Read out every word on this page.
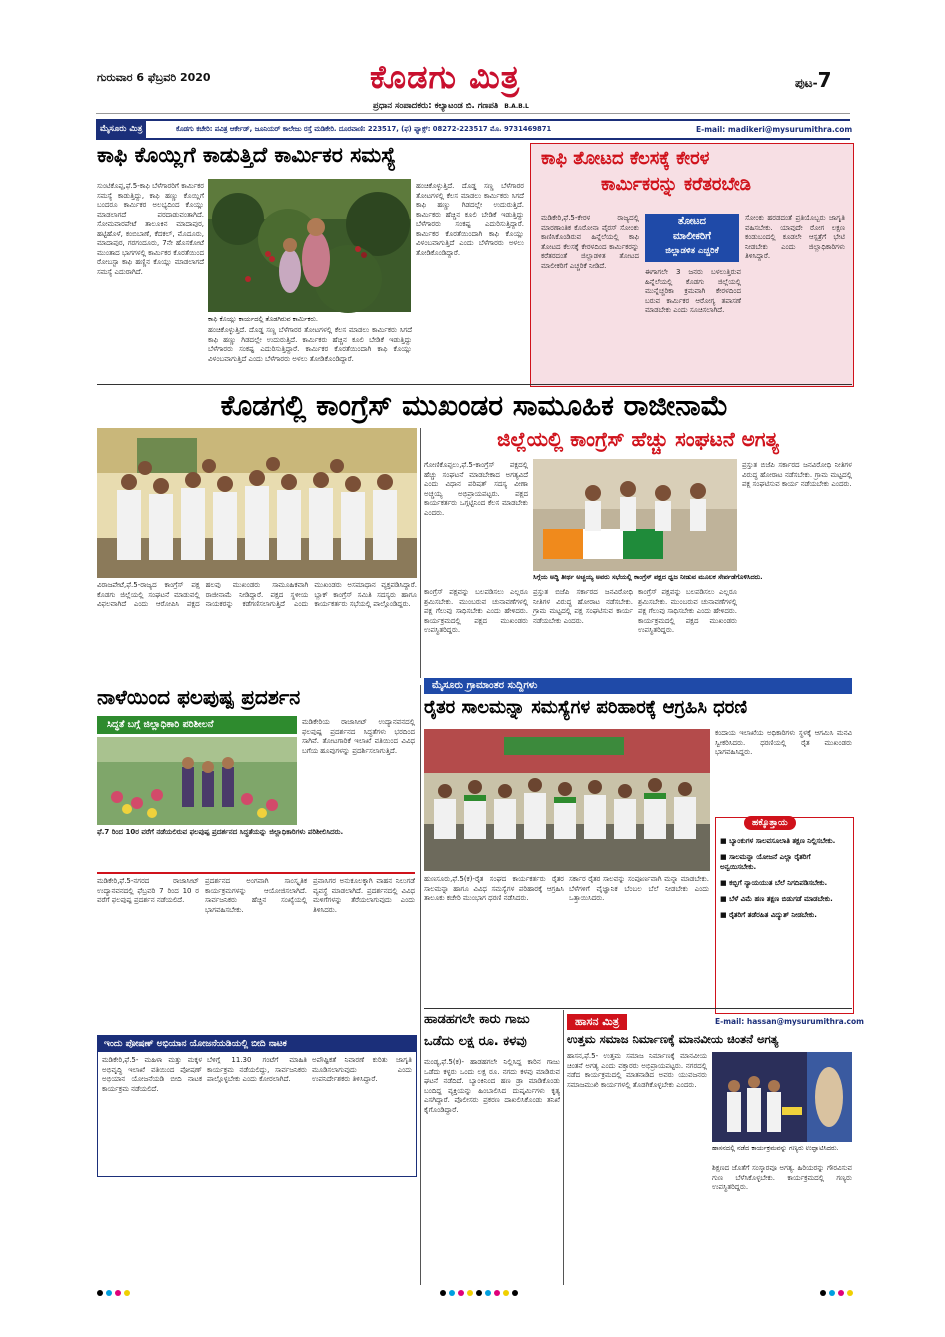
ಗುರುವಾರ 6 ಫೆಬ್ರವರಿ 2020	ಕೊಡಗು ಮಿತ್ರ
ಪ್ರಧಾನ ಸಂಪಾದಕರು: ಕಲ್ಯಾಟಂಡ ಬಿ. ಗಣಪತಿ B.A.B.L
ಪುಟ-7
ಮೈಸೂರು ಮಿತ್ರ	ಕೊಡಗು ಕಚೇರಿ: ಪವಿತ್ರ ಆರ್ಕೇಡ್, ಜೂನಿಯರ್ ಕಾಲೇಜು ರಸ್ತೆ ಮಡಿಕೇರಿ. ದೂರವಾಣಿ: 223517, (ಫ) ಫ್ಯಾಕ್ಸ್: 08272-223517 ಮೊ. 9731469871	E-mail: madikeri@mysurumithra.com
ಕಾಫಿ ಕೊಯ್ಲಿಗೆ ಕಾಡುತ್ತಿದೆ ಕಾರ್ಮಿಕರ ಸಮಸ್ಯೆ
ಸುಂಟಿಕೊಪ್ಪ,ಫೆ.5-ಕಾಫಿ ಬೆಳೆಗಾರರಿಗೆ ಕಾರ್ಮಿಕರ ಸಮಸ್ಯೆ ಕಾಡುತ್ತಿದ್ದು, ಕಾಫಿ ಹಣ್ಣು ಕೊಯ್ಲಿಗೆ ಬಂದರೂ ಕಾರ್ಮಿಕರ ಅಲಭ್ಯದಿಂದ ಕೊಯ್ಲು ಮಾಡಲಾಗದೆ ಪರದಾಡುವಂತಾಗಿದೆ. ಸೋಮವಾರಪೇಟೆ ತಾಲೂಕಿನ ಮಾದಾಪುರ, ಹಟ್ಟಿಹೊಳೆ, ಕಂಬಿಬಾಣೆ, ಕೆದಕಲ್, ಮೊದೂರು, ಮಾದಾಪುರ, ಗರಗಂದೂರು, 7ನೇ ಹೊಸಕೋಟೆ ಮುಂತಾದ ಭಾಗಗಳಲ್ಲಿ ಕಾರ್ಮಿಕರ ಕೊರತೆಯಿಂದ ರೋಬಸ್ಟಾ ಕಾಫಿ ಹಣ್ಣಿನ ಕೊಯ್ಲು ಮಾಡಲಾಗದೆ ಸಮಸ್ಯೆ ಎದುರಾಗಿದೆ.
ಕಾಫಿ ಕೊಯ್ಲು ಕಾರ್ಯದಲ್ಲಿ ತೊಡಗಿರುವ ಕಾರ್ಮಿಕರು.
ಹಂಚಿಕೊಳ್ಳುತ್ತಿದೆ. ದೊಡ್ಡ ಸಣ್ಣ ಬೆಳೆಗಾರರ ತೋಟಗಳಲ್ಲಿ ಕೆಲಸ ಮಾಡಲು ಕಾರ್ಮಿಕರು ಸಿಗದೆ ಕಾಫಿ ಹಣ್ಣು ಗಿಡದಲ್ಲೇ ಉದುರುತ್ತಿದೆ. ಕಾರ್ಮಿಕರು ಹೆಚ್ಚಿನ ಕೂಲಿ ಬೇಡಿಕೆ ಇಡುತ್ತಿದ್ದು ಬೆಳೆಗಾರರು ಸಂಕಷ್ಟ ಎದುರಿಸುತ್ತಿದ್ದಾರೆ. ಕಾರ್ಮಿಕರ ಕೊರತೆಯಿಂದಾಗಿ ಕಾಫಿ ಕೊಯ್ಲು ವಿಳಂಬವಾಗುತ್ತಿದೆ ಎಂದು ಬೆಳೆಗಾರರು ಅಳಲು ತೋಡಿಕೊಂಡಿದ್ದಾರೆ.
ಹಂಚಿಕೊಳ್ಳುತ್ತಿದೆ. ದೊಡ್ಡ ಸಣ್ಣ ಬೆಳೆಗಾರರ ತೋಟಗಳಲ್ಲಿ ಕೆಲಸ ಮಾಡಲು ಕಾರ್ಮಿಕರು ಸಿಗದೆ ಕಾಫಿ ಹಣ್ಣು ಗಿಡದಲ್ಲೇ ಉದುರುತ್ತಿದೆ. ಕಾರ್ಮಿಕರು ಹೆಚ್ಚಿನ ಕೂಲಿ ಬೇಡಿಕೆ ಇಡುತ್ತಿದ್ದು ಬೆಳೆಗಾರರು ಸಂಕಷ್ಟ ಎದುರಿಸುತ್ತಿದ್ದಾರೆ. ಕಾರ್ಮಿಕರ ಕೊರತೆಯಿಂದಾಗಿ ಕಾಫಿ ಕೊಯ್ಲು ವಿಳಂಬವಾಗುತ್ತಿದೆ ಎಂದು ಬೆಳೆಗಾರರು ಅಳಲು ತೋಡಿಕೊಂಡಿದ್ದಾರೆ.
ಕಾಫಿ ತೋಟದ ಕೆಲಸಕ್ಕೆ ಕೇರಳ
ಕಾರ್ಮಿಕರನ್ನು ಕರೆತರಬೇಡಿ
ತೋಟದ
ಮಾಲೀಕರಿಗೆ
ಜಿಲ್ಲಾಡಳಿತ ಎಚ್ಚರಿಕೆ
ಮಡಿಕೇರಿ,ಫೆ.5-ಕೇರಳ ರಾಜ್ಯದಲ್ಲಿ ಮಾರಣಾಂತಿಕ ಕೊರೋನಾ ವೈರಸ್ ಸೋಂಕು ಕಾಣಿಸಿಕೊಂಡಿರುವ ಹಿನ್ನೆಲೆಯಲ್ಲಿ ಕಾಫಿ ತೋಟದ ಕೆಲಸಕ್ಕೆ ಕೇರಳದಿಂದ ಕಾರ್ಮಿಕರನ್ನು ಕರೆತರದಂತೆ ಜಿಲ್ಲಾಡಳಿತ ತೋಟದ ಮಾಲೀಕರಿಗೆ ಎಚ್ಚರಿಕೆ ನೀಡಿದೆ.
ಈಗಾಗಲೇ 3 ಜನರು ಬಳಲುತ್ತಿರುವ ಹಿನ್ನೆಲೆಯಲ್ಲಿ ಕೊಡಗು ಜಿಲ್ಲೆಯಲ್ಲಿ ಮುನ್ನೆಚ್ಚರಿಕಾ ಕ್ರಮವಾಗಿ ಕೇರಳದಿಂದ ಬರುವ ಕಾರ್ಮಿಕರ ಆರೋಗ್ಯ ತಪಾಸಣೆ ಮಾಡಬೇಕು ಎಂದು ಸೂಚಿಸಲಾಗಿದೆ.
ಸೋಂಕು ಹರಡದಂತೆ ಪ್ರತಿಯೊಬ್ಬರು ಜಾಗೃತಿ ವಹಿಸಬೇಕು. ಯಾವುದೇ ರೋಗ ಲಕ್ಷಣ ಕಂಡುಬಂದಲ್ಲಿ ಕೂಡಲೇ ಆಸ್ಪತ್ರೆಗೆ ಭೇಟಿ ನೀಡಬೇಕು ಎಂದು ಜಿಲ್ಲಾಧಿಕಾರಿಗಳು ತಿಳಿಸಿದ್ದಾರೆ.
ಕೊಡಗಲ್ಲಿ ಕಾಂಗ್ರೆಸ್ ಮುಖಂಡರ ಸಾಮೂಹಿಕ ರಾಜೀನಾಮೆ
ವಿರಾಜಪೇಟೆ,ಫೆ.5-ರಾಜ್ಯದ ಕಾಂಗ್ರೆಸ್ ಪಕ್ಷ ಕೊಡಗು ಜಿಲ್ಲೆಯಲ್ಲಿ ಸಂಘಟನೆ ಮಾಡುವಲ್ಲಿ ವಿಫಲವಾಗಿದೆ ಎಂದು ಆರೋಪಿಸಿ ಪಕ್ಷದ ಹಲವು ಮುಖಂಡರು ಸಾಮೂಹಿಕವಾಗಿ ರಾಜೀನಾಮೆ ನೀಡಿದ್ದಾರೆ. ಪಕ್ಷದ ಸ್ಥಳೀಯ ನಾಯಕರನ್ನು ಕಡೆಗಣಿಸಲಾಗುತ್ತಿದೆ ಎಂದು ಮುಖಂಡರು ಅಸಮಾಧಾನ ವ್ಯಕ್ತಪಡಿಸಿದ್ದಾರೆ. ಬ್ಲಾಕ್ ಕಾಂಗ್ರೆಸ್ ಸಮಿತಿ ಸದಸ್ಯರು ಹಾಗೂ ಕಾರ್ಯಕರ್ತರು ಸಭೆಯಲ್ಲಿ ಪಾಲ್ಗೊಂಡಿದ್ದರು.
ಜಿಲ್ಲೆಯಲ್ಲಿ ಕಾಂಗ್ರೆಸ್ ಹೆಚ್ಚು ಸಂಘಟನೆ ಅಗತ್ಯ
ಗೋಣಿಕೊಪ್ಪಲು,ಫೆ.5-ಕಾಂಗ್ರೆಸ್ ಪಕ್ಷದಲ್ಲಿ ಹೆಚ್ಚು ಸಂಘಟನೆ ಮಾಡಬೇಕಾದ ಅಗತ್ಯವಿದೆ ಎಂದು ವಿಧಾನ ಪರಿಷತ್ ಸದಸ್ಯ ವೀಣಾ ಅಚ್ಚಯ್ಯ ಅಭಿಪ್ರಾಯಪಟ್ಟರು. ಪಕ್ಷದ ಕಾರ್ಯಕರ್ತರು ಒಗ್ಗಟ್ಟಿನಿಂದ ಕೆಲಸ ಮಾಡಬೇಕು ಎಂದರು.
ಸಿಗ್ಗೆಯ ಅದ್ಧಿ ತೀರ್ಥ ಅಚ್ಚಯ್ಯ ಅವರು ಸಭೆಯಲ್ಲಿ ಕಾಂಗ್ರೆಸ್ ಪಕ್ಷದ ಧ್ವಜ ನೀಡುವ ಮೂಲಕ ಸೇರ್ಪಡೆಗೊಳಿಸಿದರು.
ಪ್ರಸ್ತುತ ಬಿಜೆಪಿ ಸರ್ಕಾರದ ಜನವಿರೋಧಿ ನೀತಿಗಳ ವಿರುದ್ಧ ಹೋರಾಟ ನಡೆಸಬೇಕು. ಗ್ರಾಮ ಮಟ್ಟದಲ್ಲಿ ಪಕ್ಷ ಸಂಘಟಿಸುವ ಕಾರ್ಯ ನಡೆಯಬೇಕು ಎಂದರು.
ಕಾಂಗ್ರೆಸ್ ಪಕ್ಷವನ್ನು ಬಲಪಡಿಸಲು ಎಲ್ಲರೂ ಶ್ರಮಿಸಬೇಕು. ಮುಂಬರುವ ಚುನಾವಣೆಗಳಲ್ಲಿ ಪಕ್ಷ ಗೆಲುವು ಸಾಧಿಸಬೇಕು ಎಂದು ಹೇಳಿದರು. ಕಾರ್ಯಕ್ರಮದಲ್ಲಿ ಪಕ್ಷದ ಮುಖಂಡರು ಉಪಸ್ಥಿತರಿದ್ದರು.
ಪ್ರಸ್ತುತ ಬಿಜೆಪಿ ಸರ್ಕಾರದ ಜನವಿರೋಧಿ ನೀತಿಗಳ ವಿರುದ್ಧ ಹೋರಾಟ ನಡೆಸಬೇಕು. ಗ್ರಾಮ ಮಟ್ಟದಲ್ಲಿ ಪಕ್ಷ ಸಂಘಟಿಸುವ ಕಾರ್ಯ ನಡೆಯಬೇಕು ಎಂದರು.
ಕಾಂಗ್ರೆಸ್ ಪಕ್ಷವನ್ನು ಬಲಪಡಿಸಲು ಎಲ್ಲರೂ ಶ್ರಮಿಸಬೇಕು. ಮುಂಬರುವ ಚುನಾವಣೆಗಳಲ್ಲಿ ಪಕ್ಷ ಗೆಲುವು ಸಾಧಿಸಬೇಕು ಎಂದು ಹೇಳಿದರು. ಕಾರ್ಯಕ್ರಮದಲ್ಲಿ ಪಕ್ಷದ ಮುಖಂಡರು ಉಪಸ್ಥಿತರಿದ್ದರು.
ಮೈಸೂರು ಗ್ರಾಮಾಂತರ ಸುದ್ದಿಗಳು
ರೈತರ ಸಾಲಮನ್ನಾ ಸಮಸ್ಯೆಗಳ ಪರಿಹಾರಕ್ಕೆ ಆಗ್ರಹಿಸಿ ಧರಣಿ
ಕಂದಾಯ ಇಲಾಖೆಯ ಅಧಿಕಾರಿಗಳು ಸ್ಥಳಕ್ಕೆ ಆಗಮಿಸಿ ಮನವಿ ಸ್ವೀಕರಿಸಿದರು. ಧರಣಿಯಲ್ಲಿ ರೈತ ಮುಖಂಡರು ಭಾಗವಹಿಸಿದ್ದರು.
ಹುಣಸೂರು,ಫೆ.5(ಕ)-ರೈತ ಸಂಘದ ಕಾರ್ಯಕರ್ತರು ರೈತರ ಸಾಲಮನ್ನಾ ಹಾಗೂ ವಿವಿಧ ಸಮಸ್ಯೆಗಳ ಪರಿಹಾರಕ್ಕೆ ಆಗ್ರಹಿಸಿ ತಾಲೂಕು ಕಚೇರಿ ಮುಂಭಾಗ ಧರಣಿ ನಡೆಸಿದರು.
ಸರ್ಕಾರ ರೈತರ ಸಾಲವನ್ನು ಸಂಪೂರ್ಣವಾಗಿ ಮನ್ನಾ ಮಾಡಬೇಕು. ಬೆಳೆಗಳಿಗೆ ವೈಜ್ಞಾನಿಕ ಬೆಂಬಲ ಬೆಲೆ ನೀಡಬೇಕು ಎಂದು ಒತ್ತಾಯಿಸಿದರು.
ಹಕ್ಕೊತ್ತಾಯ
■ ಬ್ಯಾಂಕುಗಳ ಸಾಲವಸೂಲಾತಿ ತಕ್ಷಣ ನಿಲ್ಲಿಸಬೇಕು.
■ ಸಾಲಮನ್ನಾ ಯೋಜನೆ ಎಲ್ಲಾ ರೈತರಿಗೆ ಅನ್ವಯಿಸಬೇಕು.
■ ಕಬ್ಬಿಗೆ ನ್ಯಾಯಯುತ ಬೆಲೆ ನಿಗದಿಪಡಿಸಬೇಕು.
■ ಬೆಳೆ ವಿಮೆ ಹಣ ತಕ್ಷಣ ಬಿಡುಗಡೆ ಮಾಡಬೇಕು.
■ ರೈತರಿಗೆ ತಡೆರಹಿತ ವಿದ್ಯುತ್ ನೀಡಬೇಕು.
ನಾಳೆಯಿಂದ ಫಲಪುಷ್ಪ ಪ್ರದರ್ಶನ
ಸಿದ್ಧತೆ ಬಗ್ಗೆ ಜಿಲ್ಲಾಧಿಕಾರಿ ಪರಿಶೀಲನೆ	ಮಡಿಕೇರಿಯ ರಾಜಾಸೀಟ್ ಉದ್ಯಾನವನದಲ್ಲಿ ಫಲಪುಷ್ಪ ಪ್ರದರ್ಶನದ ಸಿದ್ಧತೆಗಳು ಭರದಿಂದ ಸಾಗಿವೆ. ತೋಟಗಾರಿಕೆ ಇಲಾಖೆ ವತಿಯಿಂದ ವಿವಿಧ ಬಗೆಯ ಹೂವುಗಳನ್ನು ಪ್ರದರ್ಶಿಸಲಾಗುತ್ತಿದೆ.
ಫೆ.7 ರಿಂದ 10ರ ವರೆಗೆ ನಡೆಯಲಿರುವ ಫಲಪುಷ್ಪ ಪ್ರದರ್ಶನದ ಸಿದ್ಧತೆಯನ್ನು ಜಿಲ್ಲಾಧಿಕಾರಿಗಳು ಪರಿಶೀಲಿಸಿದರು.
ಮಡಿಕೇರಿ,ಫೆ.5-ನಗರದ ರಾಜಾಸೀಟ್ ಉದ್ಯಾನವನದಲ್ಲಿ ಫೆಬ್ರವರಿ 7 ರಿಂದ 10 ರ ವರೆಗೆ ಫಲಪುಷ್ಪ ಪ್ರದರ್ಶನ ನಡೆಯಲಿದೆ.
ಪ್ರದರ್ಶನದ ಅಂಗವಾಗಿ ಸಾಂಸ್ಕೃತಿಕ ಕಾರ್ಯಕ್ರಮಗಳನ್ನು ಆಯೋಜಿಸಲಾಗಿದೆ. ಸಾರ್ವಜನಿಕರು ಹೆಚ್ಚಿನ ಸಂಖ್ಯೆಯಲ್ಲಿ ಭಾಗವಹಿಸಬೇಕು.
ಪ್ರವಾಸಿಗರ ಅನುಕೂಲಕ್ಕಾಗಿ ವಾಹನ ನಿಲುಗಡೆ ವ್ಯವಸ್ಥೆ ಮಾಡಲಾಗಿದೆ. ಪ್ರದರ್ಶನದಲ್ಲಿ ವಿವಿಧ ಮಳಿಗೆಗಳನ್ನು ತೆರೆಯಲಾಗುವುದು ಎಂದು ತಿಳಿಸಿದರು.
ಇಂದು ಪೋಷಣ್ ಅಭಿಯಾನ ಯೋಜನೆಯಡಿಯಲ್ಲಿ ಬೀದಿ ನಾಟಕ
ಮಡಿಕೇರಿ,ಫೆ.5- ಮಹಿಳಾ ಮತ್ತು ಮಕ್ಕಳ ಅಭಿವೃದ್ಧಿ ಇಲಾಖೆ ವತಿಯಿಂದ ಪೋಷಣ್ ಅಭಿಯಾನ ಯೋಜನೆಯಡಿ ಬೀದಿ ನಾಟಕ ಕಾರ್ಯಕ್ರಮ ನಡೆಯಲಿದೆ.
ಬೆಳಿಗ್ಗೆ 11.30 ಗಂಟೆಗೆ ಮಾಹಿತಿ ಕಾರ್ಯಕ್ರಮ ನಡೆಯಲಿದ್ದು, ಸಾರ್ವಜನಿಕರು ಪಾಲ್ಗೊಳ್ಳಬೇಕು ಎಂದು ಕೋರಲಾಗಿದೆ.
ಅಪೌಷ್ಟಿಕತೆ ನಿವಾರಣೆ ಕುರಿತು ಜಾಗೃತಿ ಮೂಡಿಸಲಾಗುವುದು ಎಂದು ಉಪನಿರ್ದೇಶಕರು ತಿಳಿಸಿದ್ದಾರೆ.
ಹಾಡಹಗಲೇ ಕಾರು ಗಾಜು
ಒಡೆದು ಲಕ್ಷ ರೂ. ಕಳವು
ಮಂಡ್ಯ,ಫೆ.5(ಕ)- ಹಾಡಹಗಲೇ ನಿಲ್ಲಿಸಿದ್ದ ಕಾರಿನ ಗಾಜು ಒಡೆದು ಕಳ್ಳರು ಒಂದು ಲಕ್ಷ ರೂ. ನಗದು ಕಳವು ಮಾಡಿರುವ ಘಟನೆ ನಡೆದಿದೆ. ಬ್ಯಾಂಕಿನಿಂದ ಹಣ ಡ್ರಾ ಮಾಡಿಕೊಂಡು ಬಂದಿದ್ದ ವ್ಯಕ್ತಿಯನ್ನು ಹಿಂಬಾಲಿಸಿದ ದುಷ್ಕರ್ಮಿಗಳು ಕೃತ್ಯ ಎಸಗಿದ್ದಾರೆ. ಪೊಲೀಸರು ಪ್ರಕರಣ ದಾಖಲಿಸಿಕೊಂಡು ತನಿಖೆ ಕೈಗೊಂಡಿದ್ದಾರೆ.
ಹಾಸನ ಮಿತ್ರ	E-mail: hassan@mysurumithra.com
ಉತ್ತಮ ಸಮಾಜ ನಿರ್ಮಾಣಕ್ಕೆ ಮಾನವೀಯ ಚಿಂತನೆ ಅಗತ್ಯ
ಹಾಸನ,ಫೆ.5- ಉತ್ತಮ ಸಮಾಜ ನಿರ್ಮಾಣಕ್ಕೆ ಮಾನವೀಯ ಚಿಂತನೆ ಅಗತ್ಯ ಎಂದು ವಕ್ತಾರರು ಅಭಿಪ್ರಾಯಪಟ್ಟರು. ನಗರದಲ್ಲಿ ನಡೆದ ಕಾರ್ಯಕ್ರಮದಲ್ಲಿ ಮಾತನಾಡಿದ ಅವರು ಯುವಜನರು ಸಮಾಜಮುಖಿ ಕಾರ್ಯಗಳಲ್ಲಿ ತೊಡಗಿಕೊಳ್ಳಬೇಕು ಎಂದರು.
ಹಾಸನದಲ್ಲಿ ನಡೆದ ಕಾರ್ಯಕ್ರಮವನ್ನು ಗಣ್ಯರು ಉದ್ಘಾಟಿಸಿದರು.
ಶಿಕ್ಷಣದ ಜೊತೆಗೆ ಸಂಸ್ಕಾರವೂ ಅಗತ್ಯ. ಹಿರಿಯರನ್ನು ಗೌರವಿಸುವ ಗುಣ ಬೆಳೆಸಿಕೊಳ್ಳಬೇಕು. ಕಾರ್ಯಕ್ರಮದಲ್ಲಿ ಗಣ್ಯರು ಉಪಸ್ಥಿತರಿದ್ದರು.
